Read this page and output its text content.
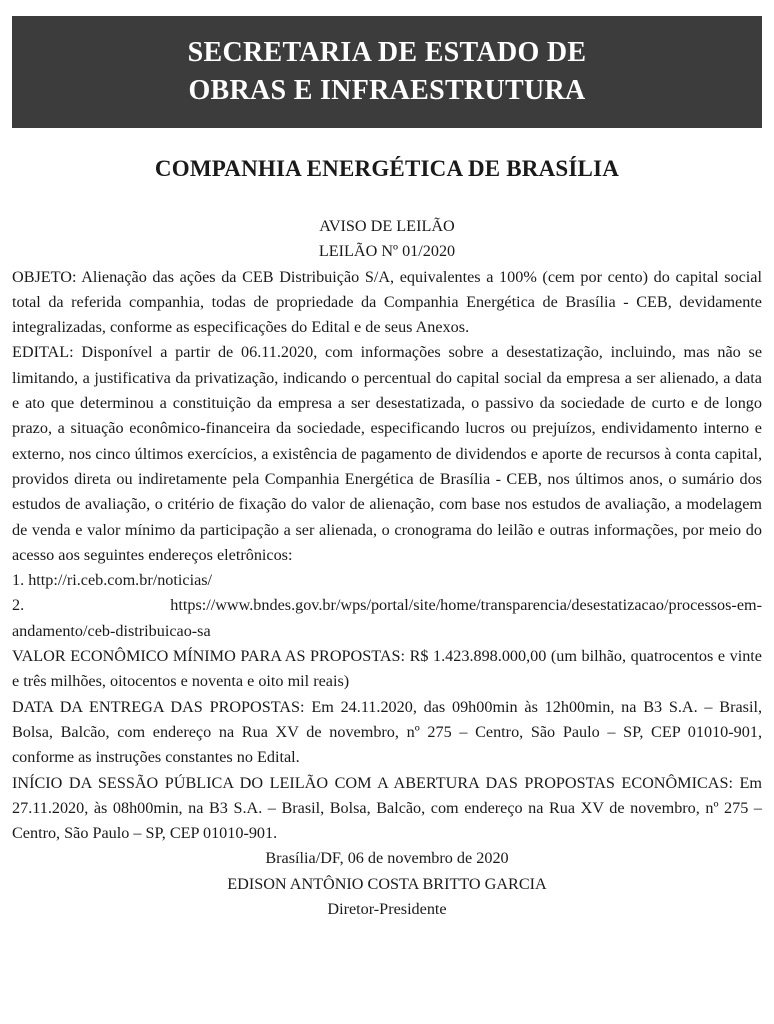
SECRETARIA DE ESTADO DE
OBRAS E INFRAESTRUTURA
COMPANHIA ENERGÉTICA DE BRASÍLIA

AVISO DE LEILÃO

LEILÃO Nº 01/2020

OBJETO: Alienação das ações da CEB Distribuição S/A, equivalentes a 100% (cem por cento) do capital social total da referida companhia, todas de propriedade da Companhia Energética de Brasília - CEB, devidamente integralizadas, conforme as especificações do Edital e de seus Anexos.

EDITAL: Disponível a partir de 06.11.2020, com informações sobre a desestatização, incluindo, mas não se limitando, a justificativa da privatização, indicando o percentual do capital social da empresa a ser alienado, a data e ato que determinou a constituição da empresa a ser desestatizada, o passivo da sociedade de curto e de longo prazo, a situação econômico-financeira da sociedade, especificando lucros ou prejuízos, endividamento interno e externo, nos cinco últimos exercícios, a existência de pagamento de dividendos e aporte de recursos à conta capital, providos direta ou indiretamente pela Companhia Energética de Brasília - CEB, nos últimos anos, o sumário dos estudos de avaliação, o critério de fixação do valor de alienação, com base nos estudos de avaliação, a modelagem de venda e valor mínimo da participação a ser alienada, o cronograma do leilão e outras informações, por meio do acesso aos seguintes endereços eletrônicos:

1. http://ri.ceb.com.br/noticias/

2.	https://www.bndes.gov.br/wps/portal/site/home/transparencia/desestatizacao/processos-em-

andamento/ceb-distribuicao-sa

VALOR ECONÔMICO MÍNIMO PARA AS PROPOSTAS: R$ 1.423.898.000,00 (um bilhão, quatrocentos e vinte e três milhões, oitocentos e noventa e oito mil reais)

DATA DA ENTREGA DAS PROPOSTAS: Em 24.11.2020, das 09h00min às 12h00min, na B3 S.A. – Brasil, Bolsa, Balcão, com endereço na Rua XV de novembro, nº 275 – Centro, São Paulo – SP, CEP 01010-901, conforme as instruções constantes no Edital.

INÍCIO DA SESSÃO PÚBLICA DO LEILÃO COM A ABERTURA DAS PROPOSTAS ECONÔMICAS: Em 27.11.2020, às 08h00min, na B3 S.A. – Brasil, Bolsa, Balcão, com endereço na Rua XV de novembro, nº 275 – Centro, São Paulo – SP, CEP 01010-901.

Brasília/DF, 06 de novembro de 2020

EDISON ANTÔNIO COSTA BRITTO GARCIA

Diretor-Presidente
